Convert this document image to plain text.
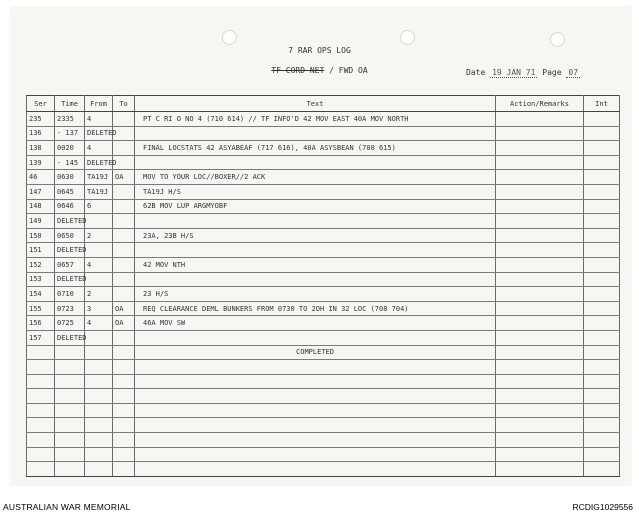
7 RAR OPS LOG
TF CORD NET / FWD OA	Date 19 JAN 71 Page 07
Ser	Time	From	To	Text	Action/Remarks	Int
235	2335	4		PT C RI O NO 4 (710 614) // TF INFO'D 42 MOV EAST 40A MOV NORTH		
136	- 137	DELETED				
138	0020	4		FINAL LOCSTATS 42 ASYABEAF (717 616), 40A ASYSBEAN (708 615)		
139	- 145	DELETED				
46	0630	TA19J	OA	MOV TO YOUR LOC//BOXER//2 ACK		
147	0645	TA19J		TA19J H/S		
148	0646	6		62B MOV LUP ARGMYOBF		
149	DELETED					
150	0650	2		23A, 23B H/S		
151	DELETED					
152	0657	4		42 MOV NTH		
153	DELETED					
154	0710	2		23 H/S		
155	0723	3	OA	REQ CLEARANCE DEML BUNKERS FROM 0730 TO 2OH IN 32 LOC (708 704)		
156	0725	4	OA	46A MOV SW		
157	DELETED					
				COMPLETED		

AUSTRALIAN WAR MEMORIAL	RCDIG1029556
